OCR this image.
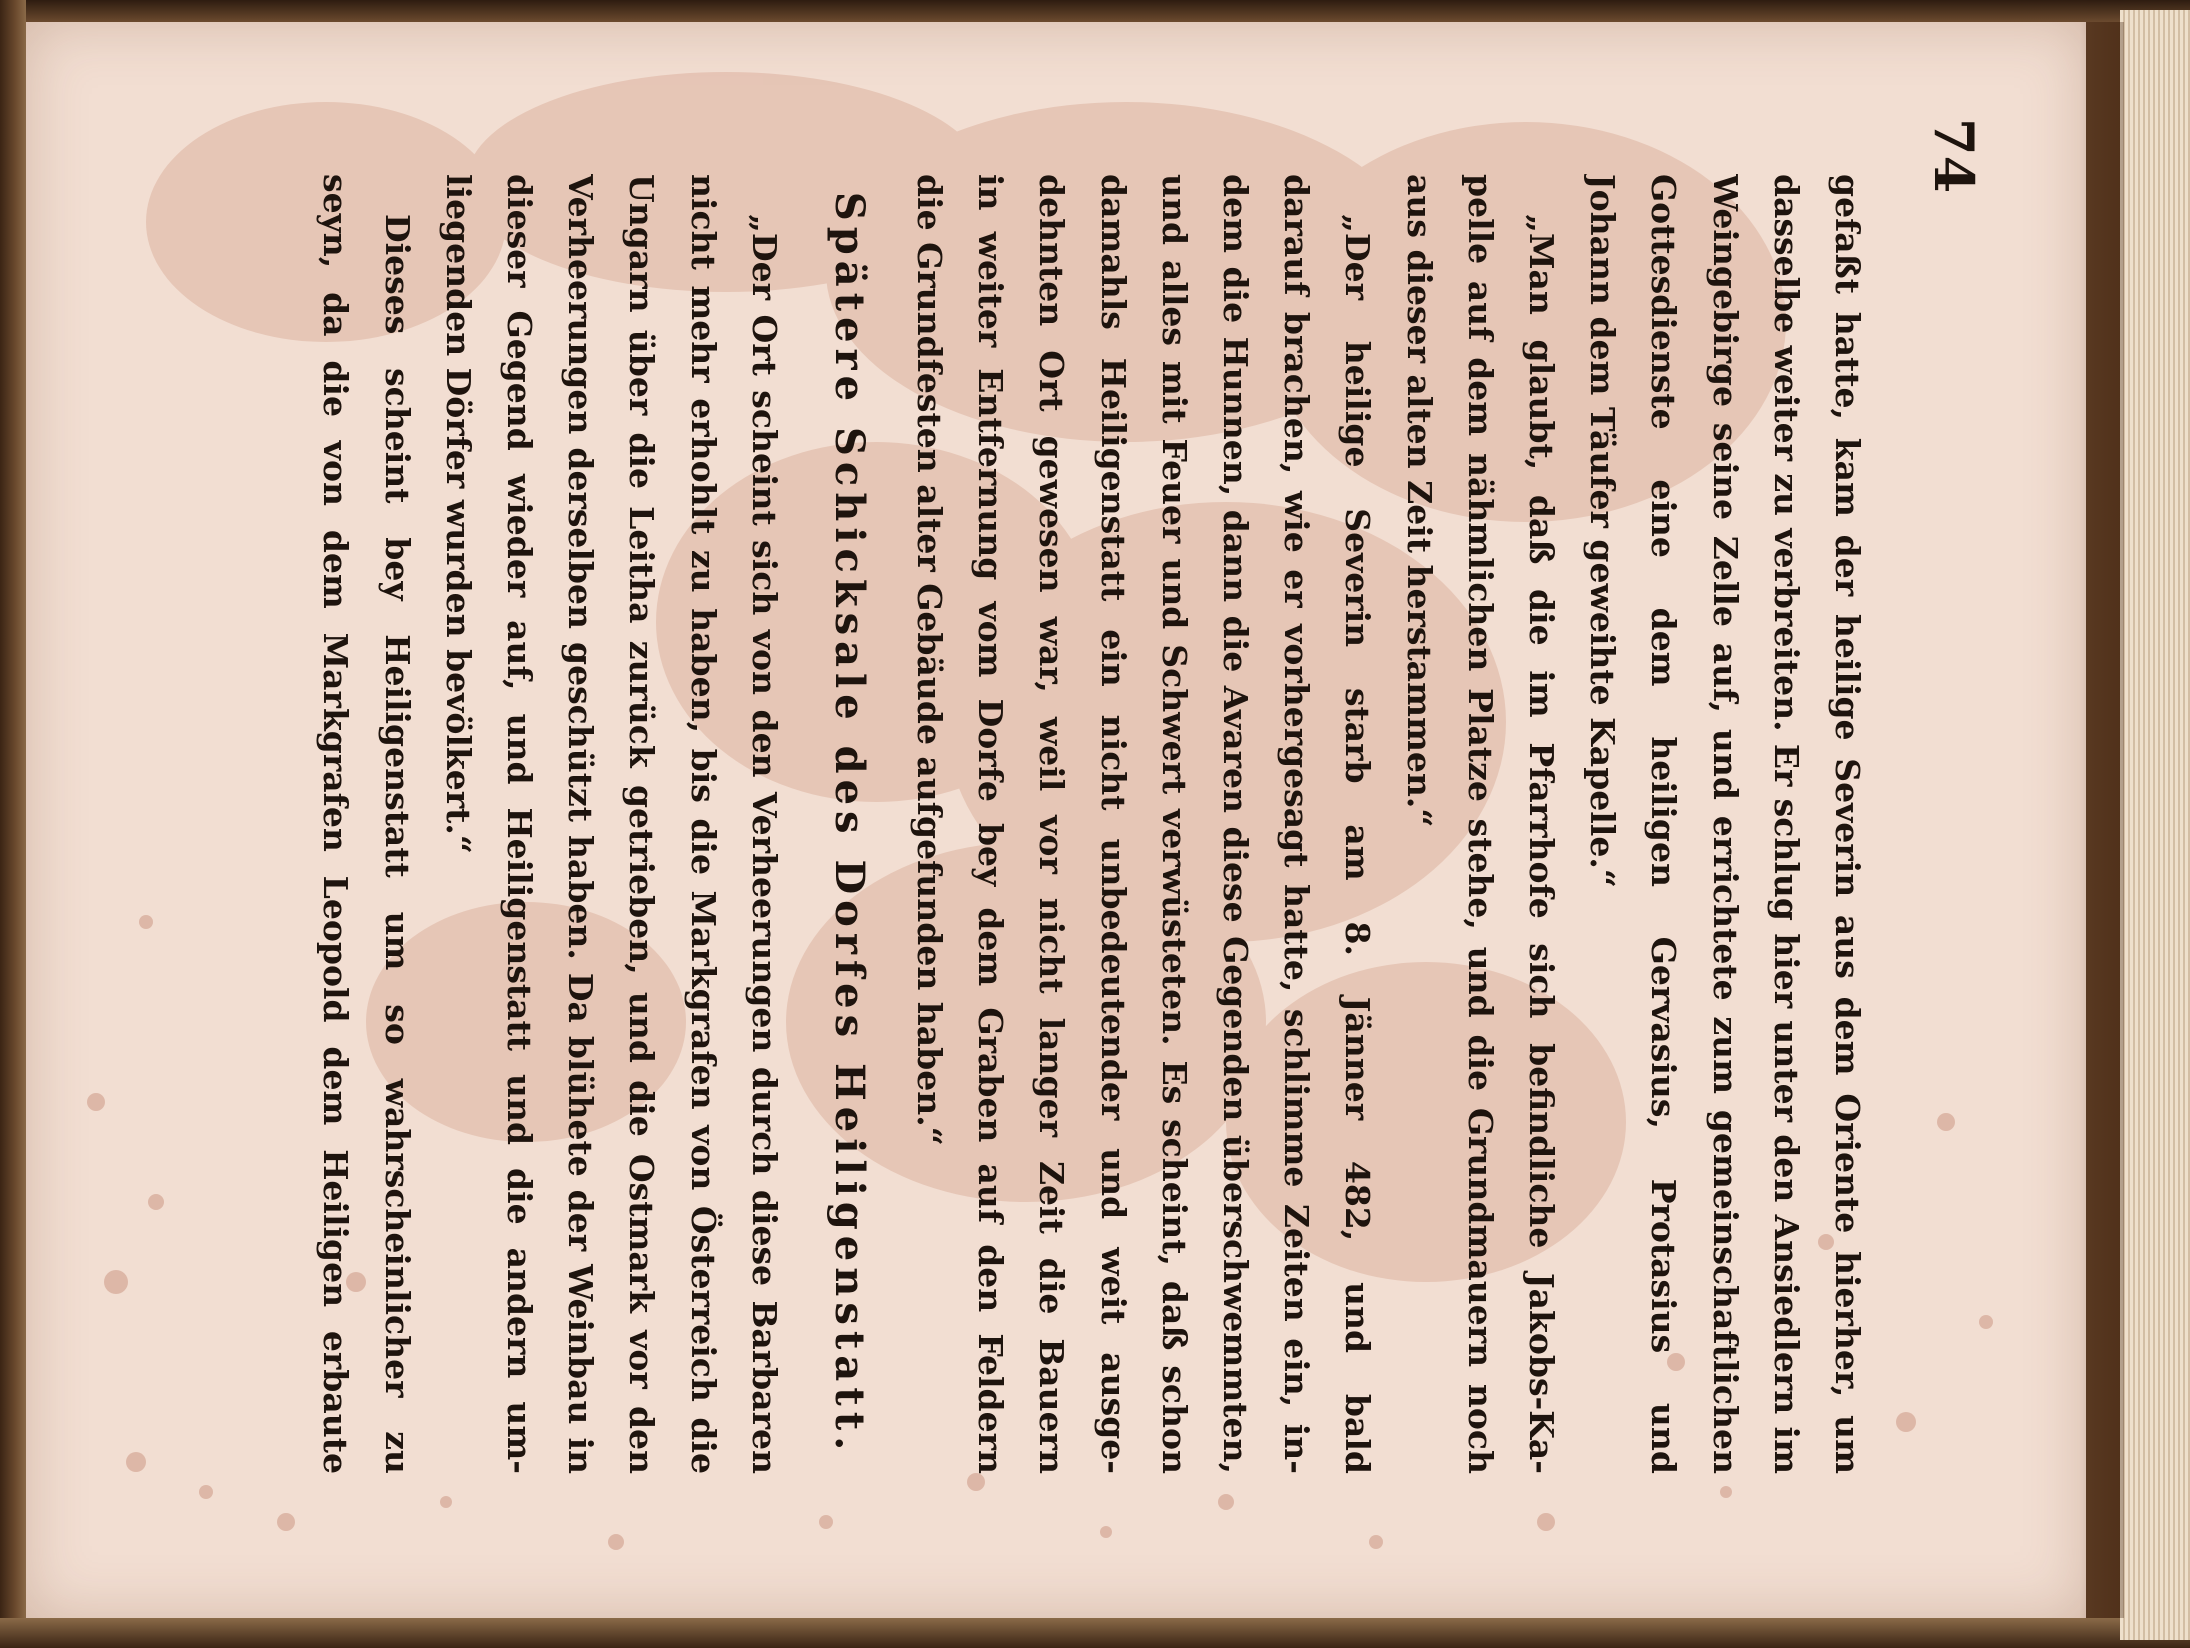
74
gefaßt hatte, kam der heilige Severin aus dem Oriente hierher, um
dasselbe weiter zu verbreiten. Er schlug hier unter den Ansiedlern im
Weingebirge seine Zelle auf, und errichtete zum gemeinschaftlichen
Gottesdienste eine dem heiligen Gervasius, Protasius und
Johann dem Täufer geweihte Kapelle.“
„Man glaubt, daß die im Pfarrhofe sich befindliche Jakobs-Ka-
pelle auf dem nähmlichen Platze stehe, und die Grundmauern noch
aus dieser alten Zeit herstammen.“
„Der heilige Severin starb am 8. Jänner 482, und bald
darauf brachen, wie er vorhergesagt hatte, schlimme Zeiten ein, in-
dem die Hunnen, dann die Avaren diese Gegenden überschwemmten,
und alles mit Feuer und Schwert verwüsteten. Es scheint, daß schon
damahls Heiligenstatt ein nicht unbedeutender und weit ausge-
dehnten Ort gewesen war, weil vor nicht langer Zeit die Bauern
in weiter Entfernung vom Dorfe bey dem Graben auf den Feldern
die Grundfesten alter Gebäude aufgefunden haben.“
Spätere Schicksale des Dorfes Heiligenstatt.
„Der Ort scheint sich von den Verheerungen durch diese Barbaren
nicht mehr erhohlt zu haben, bis die Markgrafen von Österreich die
Ungarn über die Leitha zurück getrieben, und die Ostmark vor den
Verheerungen derselben geschützt haben. Da blühete der Weinbau in
dieser Gegend wieder auf, und Heiligenstatt und die andern um-
liegenden Dörfer wurden bevölkert.“
Dieses scheint bey Heiligenstatt um so wahrscheinlicher zu
seyn, da die von dem Markgrafen Leopold dem Heiligen erbaute
